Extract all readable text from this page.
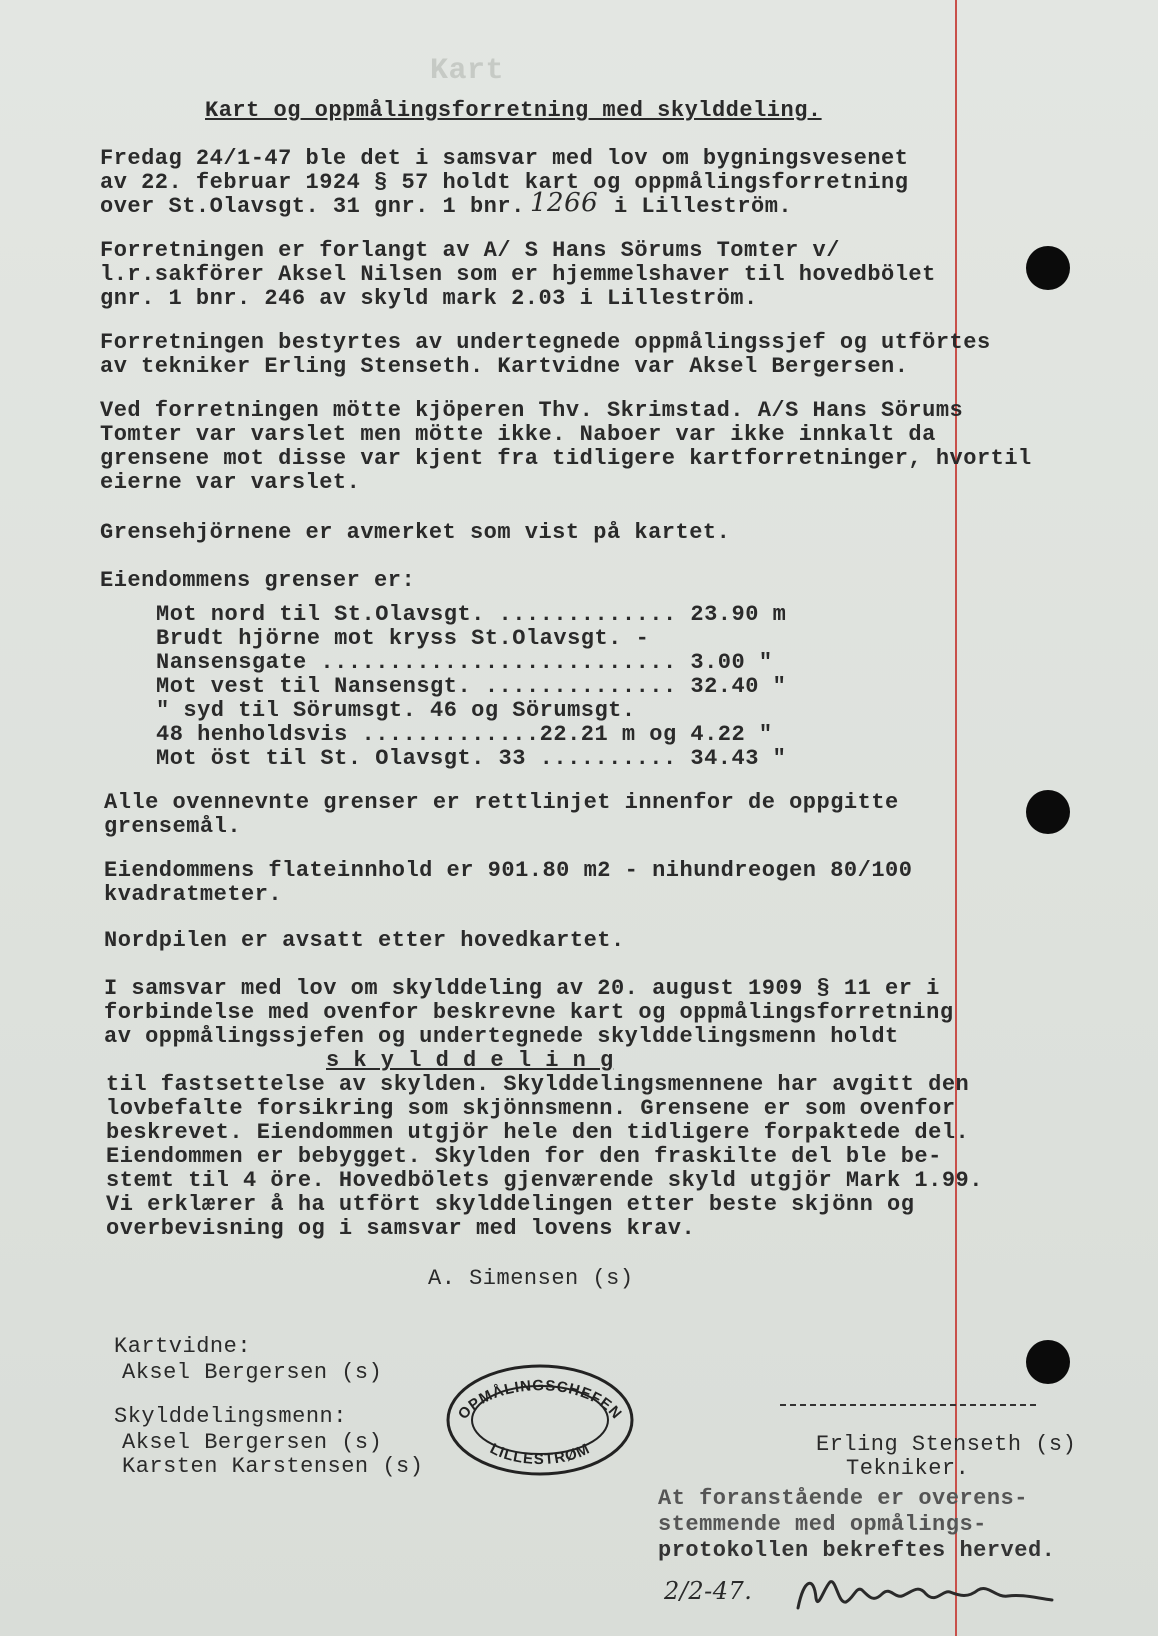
Kart
Kart og oppmålingsforretning med skylddeling.
Fredag 24/1-47 ble det i samsvar med lov om bygningsvesenet
av 22. februar 1924 § 57 holdt kart og oppmålingsforretning
over St.Olavsgt. 31 gnr. 1 bnr. 1266 i Lilleström.
Forretningen er forlangt av A/ S Hans Sörums Tomter v/
l.r.sakförer Aksel Nilsen som er hjemmelshaver til hovedbölet
gnr. 1 bnr. 246 av skyld mark 2.03 i Lilleström.
Forretningen bestyrtes av undertegnede oppmålingssjef og utförtes
av tekniker Erling Stenseth. Kartvidne var Aksel Bergersen.
Ved forretningen mötte kjöperen Thv. Skrimstad. A/S Hans Sörums
Tomter var varslet men mötte ikke. Naboer var ikke innkalt da
grensene mot disse var kjent fra tidligere kartforretninger, hvortil
eierne var varslet.
Grensehjörnene er avmerket som vist på kartet.
Eiendommens grenser er:
Mot nord til St.Olavsgt. ............. 23.90 m
Brudt hjörne mot kryss St.Olavsgt. -
Nansensgate .......................... 3.00 "
Mot vest til Nansensgt. .............. 32.40 "
" syd til Sörumsgt. 46 og Sörumsgt.
48 henholdsvis .............22.21 m og 4.22 "
Mot öst til St. Olavsgt. 33 .......... 34.43 "
Alle ovennevnte grenser er rettlinjet innenfor de oppgitte
grensemål.
Eiendommens flateinnhold er 901.80 m2 - nihundreogen 80/100
kvadratmeter.
Nordpilen er avsatt etter hovedkartet.
I samsvar med lov om skylddeling av 20. august 1909 § 11 er i
forbindelse med ovenfor beskrevne kart og oppmålingsforretning
av oppmålingssjefen og undertegnede skylddelingsmenn holdt
s k y l d d e l i n g
til fastsettelse av skylden. Skylddelingsmennene har avgitt den
lovbefalte forsikring som skjönnsmenn. Grensene er som ovenfor
beskrevet. Eiendommen utgjör hele den tidligere forpaktede del.
Eiendommen er bebygget. Skylden for den fraskilte del ble be-
stemt til 4 öre. Hovedbölets gjenværende skyld utgjör Mark 1.99.
Vi erklærer å ha utfört skylddelingen etter beste skjönn og
overbevisning og i samsvar med lovens krav.
A. Simensen (s)
Kartvidne:
Aksel Bergersen (s)
Skylddelingsmenn:
Aksel Bergersen (s)
Karsten Karstensen (s)
OPMÅLINGSCHEFEN
LILLESTRØM	Erling Stenseth (s)
Tekniker.
At foranstående er overens-
stemmende med opmålings-
protokollen bekreftes herved.
2/2-47.
